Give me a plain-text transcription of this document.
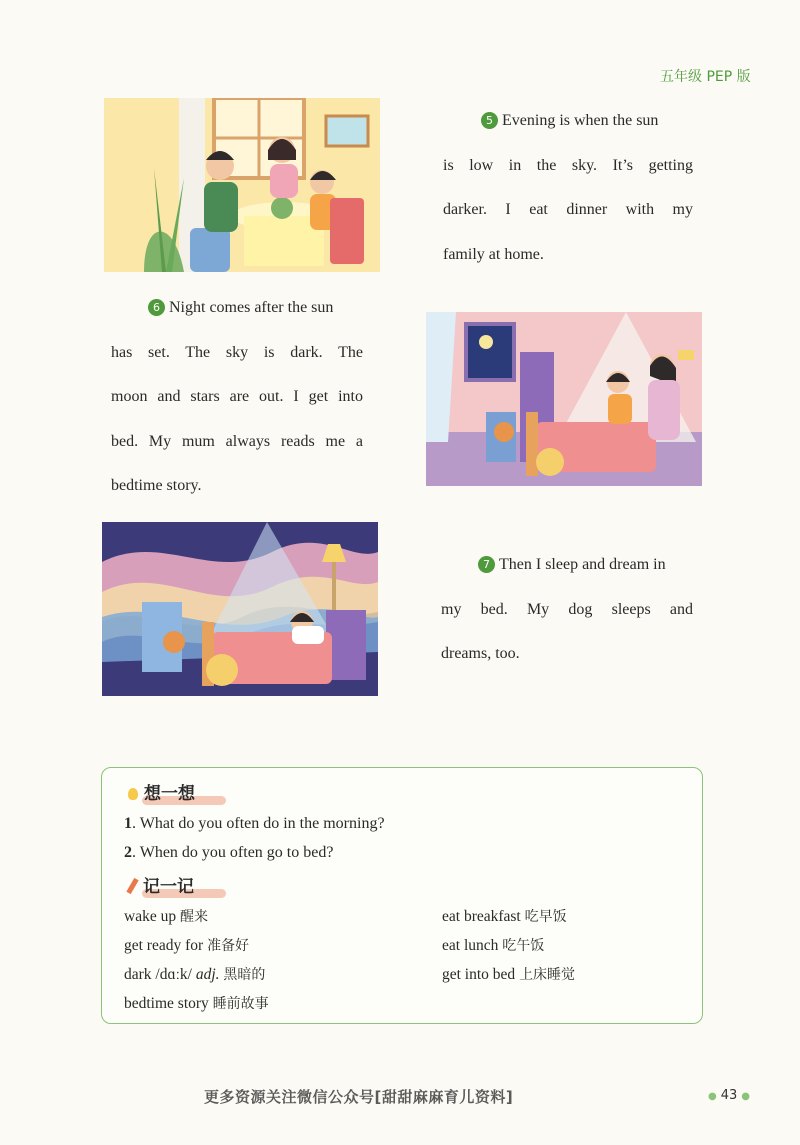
五年级 PEP 版
5 Evening is when the sun
is low in the sky. It’s getting
darker. I eat dinner with my
family at home.
6 Night comes after the sun
has set. The sky is dark. The
moon and stars are out. I get into
bed. My mum always reads me a
bedtime story.
7 Then I sleep and dream in
my bed. My dog sleeps and
dreams, too.
想一想
1. What do you often do in the morning?
2. When do you often go to bed?
记一记
wake up 醒来	eat breakfast 吃早饭
get ready for 准备好	eat lunch 吃午饭
dark /dɑːk/ adj. 黑暗的	get into bed 上床睡觉
bedtime story 睡前故事
更多资源关注微信公众号[甜甜麻麻育儿资料]	● 43 ●
